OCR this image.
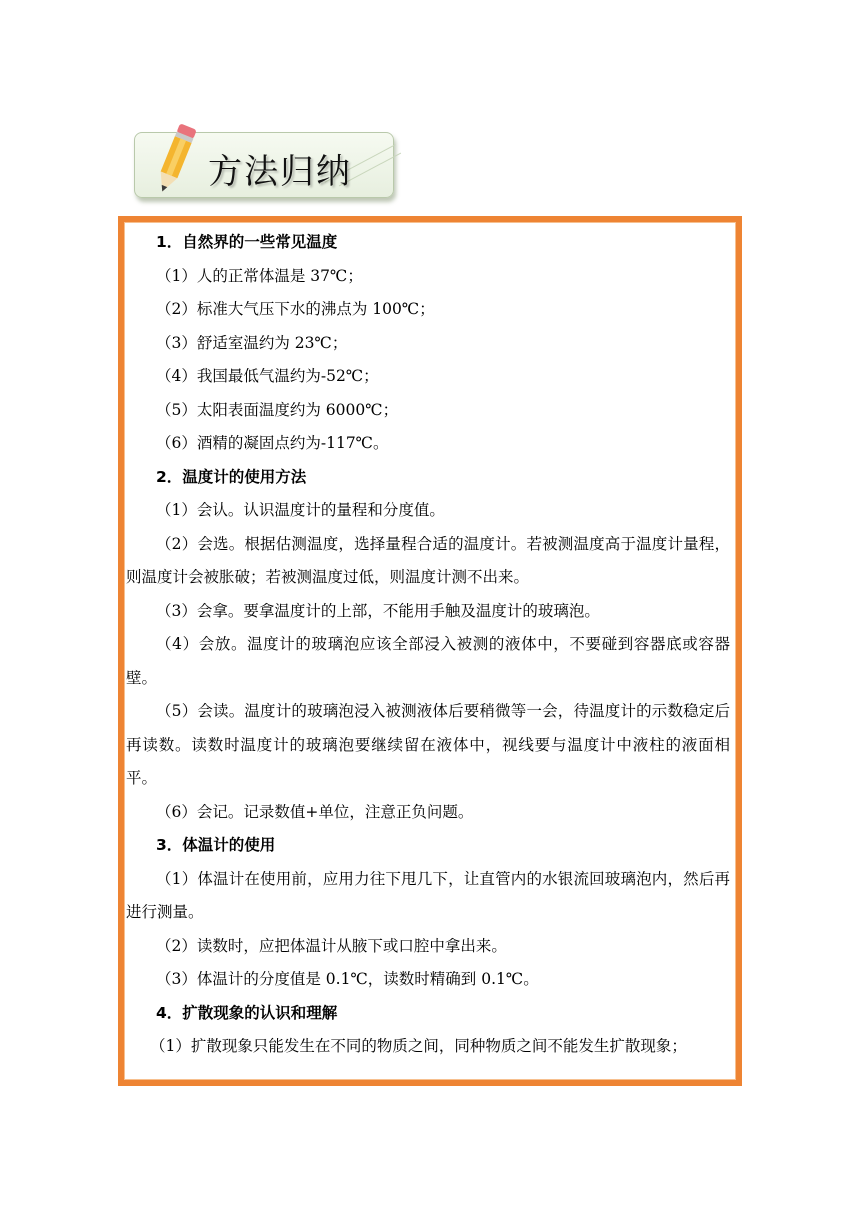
方法归纳
1．自然界的一些常见温度
（1）人的正常体温是 37℃；
（2）标准大气压下水的沸点为 100℃；
（3）舒适室温约为 23℃；
（4）我国最低气温约为-52℃；
（5）太阳表面温度约为 6000℃；
（6）酒精的凝固点约为-117℃。
2．温度计的使用方法
（1）会认。认识温度计的量程和分度值。

（2）会选。根据估测温度，选择量程合适的温度计。若被测温度高于温度计量程，则温度计会被胀破；若被测温度过低，则温度计测不出来。

（3）会拿。要拿温度计的上部，不能用手触及温度计的玻璃泡。

（4）会放。温度计的玻璃泡应该全部浸入被测的液体中，不要碰到容器底或容器壁。

（5）会读。温度计的玻璃泡浸入被测液体后要稍微等一会，待温度计的示数稳定后再读数。读数时温度计的玻璃泡要继续留在液体中，视线要与温度计中液柱的液面相平。

（6）会记。记录数值+单位，注意正负问题。
3．体温计的使用

（1）体温计在使用前，应用力往下甩几下，让直管内的水银流回玻璃泡内，然后再进行测量。

（2）读数时，应把体温计从腋下或口腔中拿出来。
（3）体温计的分度值是 0.1℃，读数时精确到 0.1℃。
4．扩散现象的认识和理解
（1）扩散现象只能发生在不同的物质之间，同种物质之间不能发生扩散现象；
